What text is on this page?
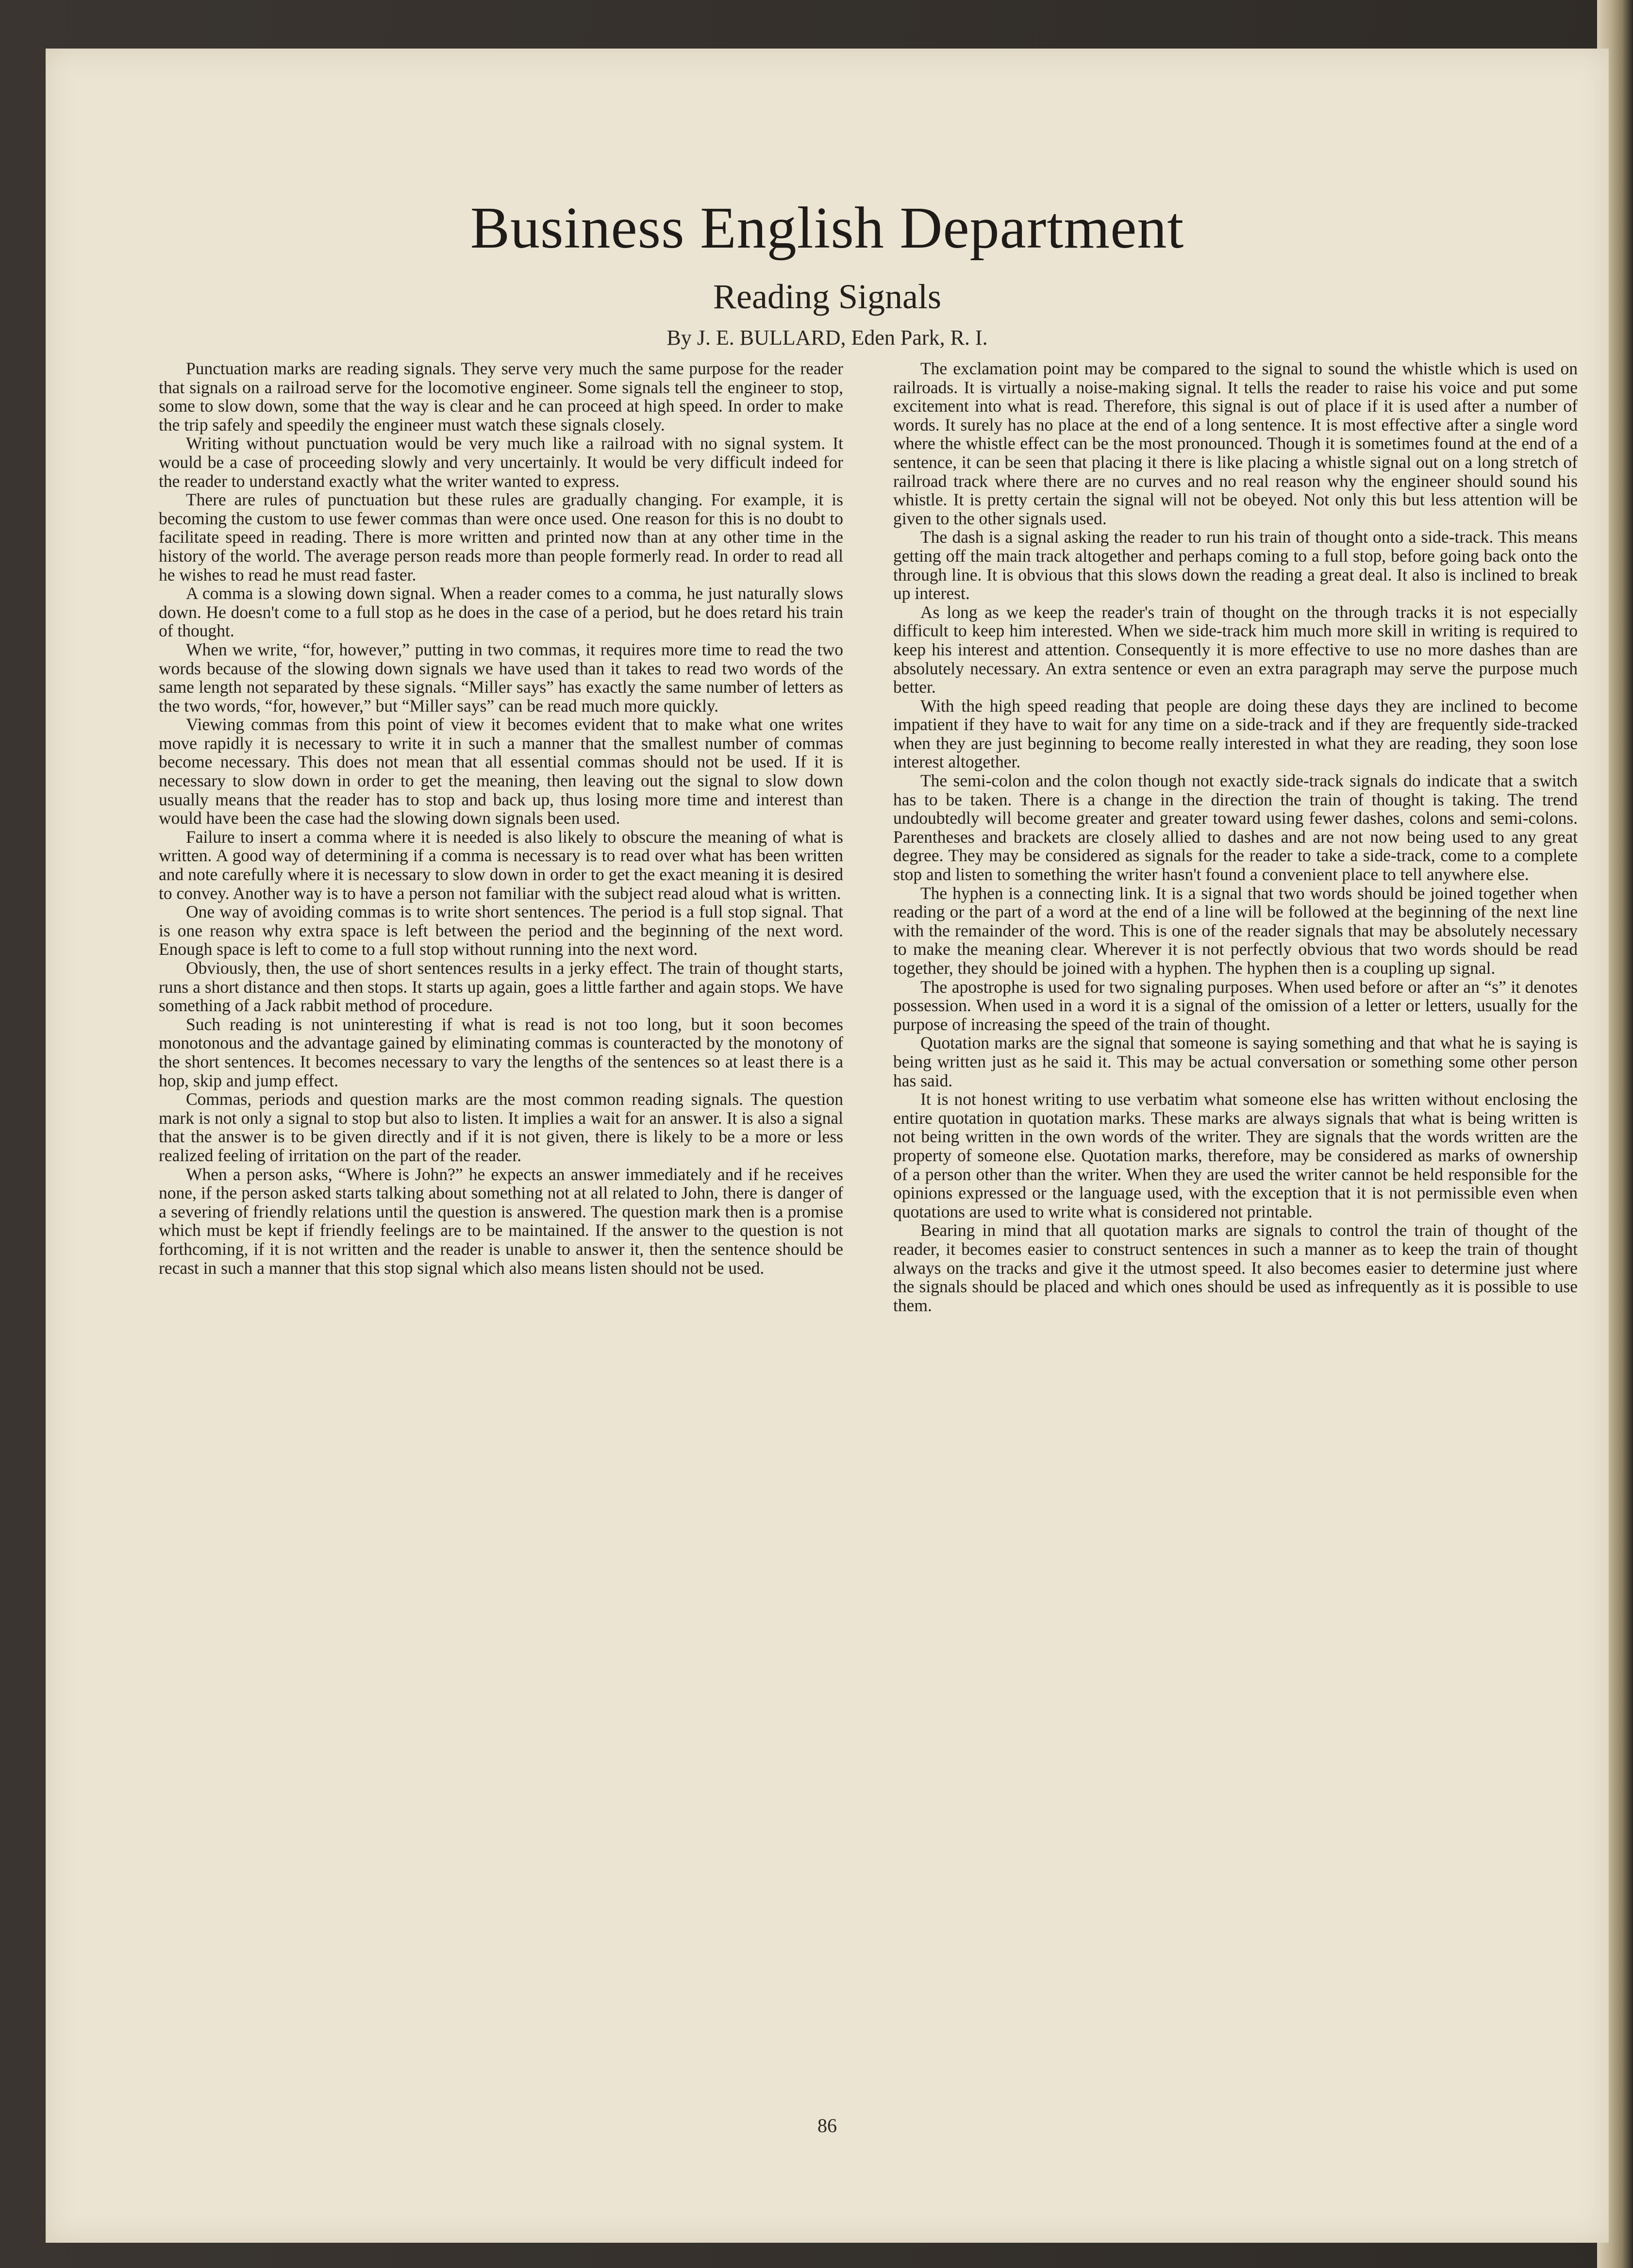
Business English Department
Reading Signals
By J. E. BULLARD, Eden Park, R. I.

Punctuation marks are reading signals. They serve very much the same purpose for the reader that signals on a railroad serve for the locomotive engineer. Some signals tell the engineer to stop, some to slow down, some that the way is clear and he can proceed at high speed. In order to make the trip safely and speedily the engineer must watch these signals closely.

Writing without punctuation would be very much like a railroad with no signal system. It would be a case of proceeding slowly and very uncertainly. It would be very difficult indeed for the reader to understand exactly what the writer wanted to express.

There are rules of punctuation but these rules are gradually changing. For example, it is becoming the custom to use fewer commas than were once used. One reason for this is no doubt to facilitate speed in reading. There is more written and printed now than at any other time in the history of the world. The average person reads more than people formerly read. In order to read all he wishes to read he must read faster.

A comma is a slowing down signal. When a reader comes to a comma, he just naturally slows down. He doesn't come to a full stop as he does in the case of a period, but he does retard his train of thought.

When we write, “for, however,” putting in two commas, it requires more time to read the two words because of the slowing down signals we have used than it takes to read two words of the same length not separated by these signals. “Miller says” has exactly the same number of letters as the two words, “for, however,” but “Miller says” can be read much more quickly.

Viewing commas from this point of view it becomes evident that to make what one writes move rapidly it is necessary to write it in such a manner that the smallest number of commas become necessary. This does not mean that all essential commas should not be used. If it is necessary to slow down in order to get the meaning, then leaving out the signal to slow down usually means that the reader has to stop and back up, thus losing more time and interest than would have been the case had the slowing down signals been used.

Failure to insert a comma where it is needed is also likely to obscure the meaning of what is written. A good way of determining if a comma is necessary is to read over what has been written and note carefully where it is necessary to slow down in order to get the exact meaning it is desired to convey. Another way is to have a person not familiar with the subject read aloud what is written.

One way of avoiding commas is to write short sentences. The period is a full stop signal. That is one reason why extra space is left between the period and the beginning of the next word. Enough space is left to come to a full stop without running into the next word.

Obviously, then, the use of short sentences results in a jerky effect. The train of thought starts, runs a short distance and then stops. It starts up again, goes a little farther and again stops. We have something of a Jack rabbit method of procedure.

Such reading is not uninteresting if what is read is not too long, but it soon becomes monotonous and the advantage gained by eliminating commas is counteracted by the monotony of the short sentences. It becomes necessary to vary the lengths of the sentences so at least there is a hop, skip and jump effect.

Commas, periods and question marks are the most common reading signals. The question mark is not only a signal to stop but also to listen. It implies a wait for an answer. It is also a signal that the answer is to be given directly and if it is not given, there is likely to be a more or less realized feeling of irritation on the part of the reader.

When a person asks, “Where is John?” he expects an answer immediately and if he receives none, if the person asked starts talking about something not at all related to John, there is danger of a severing of friendly relations until the question is answered. The question mark then is a promise which must be kept if friendly feelings are to be maintained. If the answer to the question is not forthcoming, if it is not written and the reader is unable to answer it, then the sentence should be recast in such a manner that this stop signal which also means listen should not be used.

The exclamation point may be compared to the signal to sound the whistle which is used on railroads. It is virtually a noise-making signal. It tells the reader to raise his voice and put some excitement into what is read. Therefore, this signal is out of place if it is used after a number of words. It surely has no place at the end of a long sentence. It is most effective after a single word where the whistle effect can be the most pronounced. Though it is sometimes found at the end of a sentence, it can be seen that placing it there is like placing a whistle signal out on a long stretch of railroad track where there are no curves and no real reason why the engineer should sound his whistle. It is pretty certain the signal will not be obeyed. Not only this but less attention will be given to the other signals used.

The dash is a signal asking the reader to run his train of thought onto a side-track. This means getting off the main track altogether and perhaps coming to a full stop, before going back onto the through line. It is obvious that this slows down the reading a great deal. It also is inclined to break up interest.

As long as we keep the reader's train of thought on the through tracks it is not especially difficult to keep him interested. When we side-track him much more skill in writing is required to keep his interest and attention. Consequently it is more effective to use no more dashes than are absolutely necessary. An extra sentence or even an extra paragraph may serve the purpose much better.

With the high speed reading that people are doing these days they are inclined to become impatient if they have to wait for any time on a side-track and if they are frequently side-tracked when they are just beginning to become really interested in what they are reading, they soon lose interest altogether.

The semi-colon and the colon though not exactly side-track signals do indicate that a switch has to be taken. There is a change in the direction the train of thought is taking. The trend undoubtedly will become greater and greater toward using fewer dashes, colons and semi-colons. Parentheses and brackets are closely allied to dashes and are not now being used to any great degree. They may be considered as signals for the reader to take a side-track, come to a complete stop and listen to something the writer hasn't found a convenient place to tell anywhere else.

The hyphen is a connecting link. It is a signal that two words should be joined together when reading or the part of a word at the end of a line will be followed at the beginning of the next line with the remainder of the word. This is one of the reader signals that may be absolutely necessary to make the meaning clear. Wherever it is not perfectly obvious that two words should be read together, they should be joined with a hyphen. The hyphen then is a coupling up signal.

The apostrophe is used for two signaling purposes. When used before or after an “s” it denotes possession. When used in a word it is a signal of the omission of a letter or letters, usually for the purpose of increasing the speed of the train of thought.

Quotation marks are the signal that someone is saying something and that what he is saying is being written just as he said it. This may be actual conversation or something some other person has said.

It is not honest writing to use verbatim what someone else has written without enclosing the entire quotation in quotation marks. These marks are always signals that what is being written is not being written in the own words of the writer. They are signals that the words written are the property of someone else. Quotation marks, therefore, may be considered as marks of ownership of a person other than the writer. When they are used the writer cannot be held responsible for the opinions expressed or the language used, with the exception that it is not permissible even when quotations are used to write what is considered not printable.

Bearing in mind that all quotation marks are signals to control the train of thought of the reader, it becomes easier to construct sentences in such a manner as to keep the train of thought always on the tracks and give it the utmost speed. It also becomes easier to determine just where the signals should be placed and which ones should be used as infrequently as it is possible to use them.

86
